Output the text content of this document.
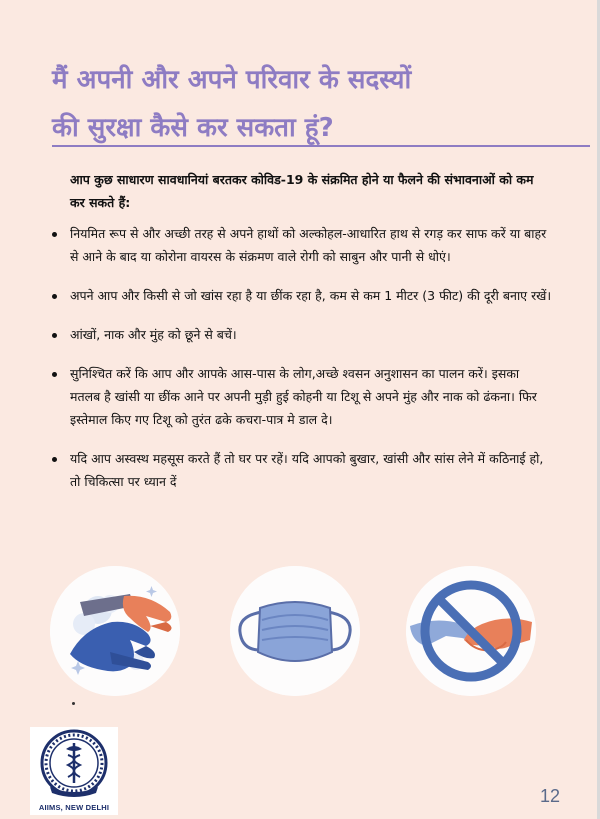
मैं अपनी और अपने परिवार के सदस्यों
की सुरक्षा कैसे कर सकता हूं?

आप कुछ साधारण सावधानियां बरतकर कोविड-19 के संक्रमित होने या फैलने की संभावनाओं को कम कर सकते हैं:

नियमित रूप से और अच्छी तरह से अपने हाथों को अल्कोहल-आधारित हाथ से रगड़ कर साफ करें या बाहर से आने के बाद या कोरोना वायरस के संक्रमण वाले रोगी को साबुन और पानी से धोएं।
अपने आप और किसी से जो खांस रहा है या छींक रहा है, कम से कम 1 मीटर (3 फीट) की दूरी बनाए रखें।
आंखों, नाक और मुंह को छूने से बचें।
सुनिश्चित करें कि आप और आपके आस-पास के लोग,अच्छे श्वसन अनुशासन का पालन करें। इसका मतलब है खांसी या छींक आने पर अपनी मुड़ी हुई कोहनी या टिशू से अपने मुंह और नाक को ढंकना। फिर इस्तेमाल किए गए टिशू को तुरंत ढके कचरा-पात्र मे डाल दे।
यदि आप अस्वस्थ महसूस करते हैं तो घर पर रहें। यदि आपको बुखार, खांसी और सांस लेने में कठिनाई हो, तो चिकित्सा पर ध्यान दें
AIIMS, NEW DELHI
12
